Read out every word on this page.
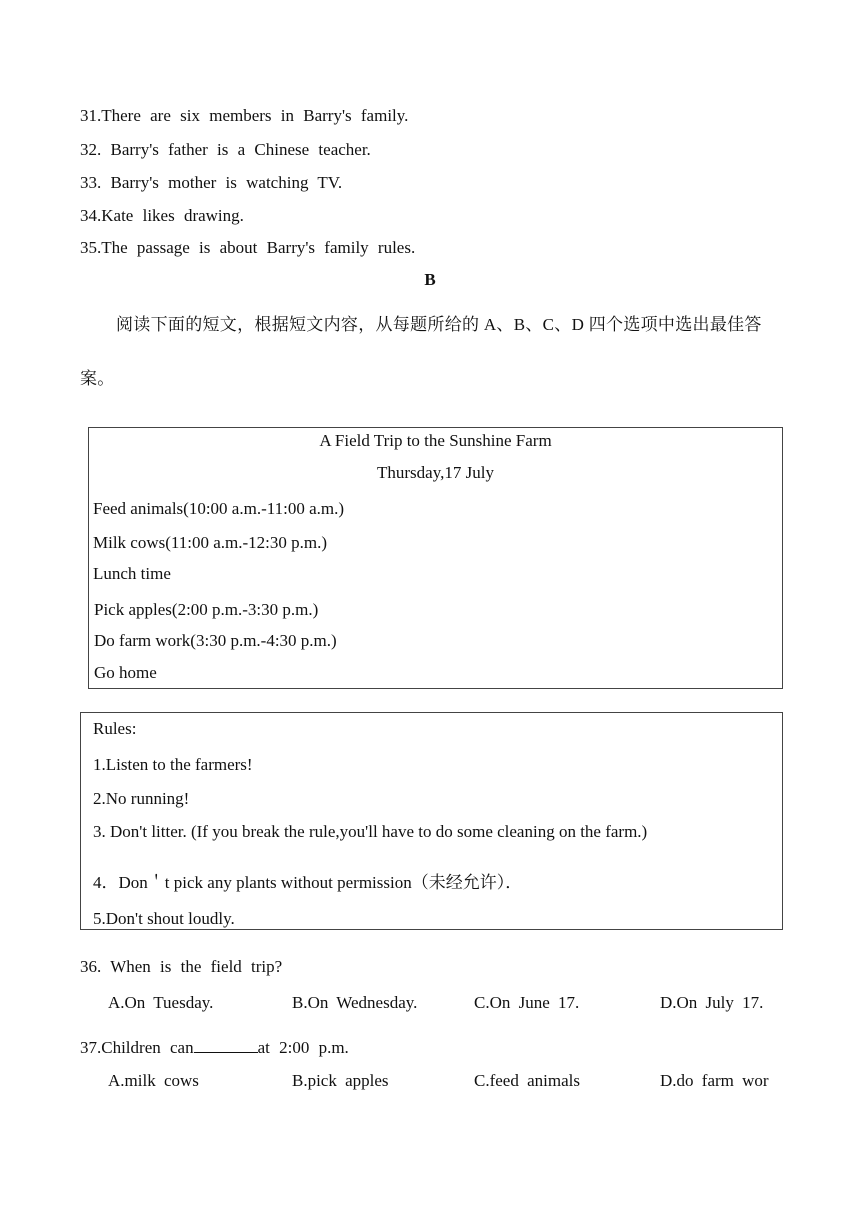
31.There are six members in Barry's family.
32. Barry's father is a Chinese teacher.
33. Barry's mother is watching TV.
34.Kate likes drawing.
35.The passage is about Barry's family rules.
B
阅读下面的短文，根据短文内容，从每题所给的 A、B、C、D 四个选项中选出最佳答案。
A Field Trip to the Sunshine Farm
Thursday,17 July
Feed animals(10:00 a.m.-11:00 a.m.)
Milk cows(11:00 a.m.-12:30 p.m.)
Lunch time
Pick apples(2:00 p.m.-3:30 p.m.)
Do farm work(3:30 p.m.-4:30 p.m.)
Go home
Rules:
1.Listen to the farmers!
2.No running!
3. Don't litter. (If you break the rule,you'll have to do some cleaning on the farm.)
4．Don＇t pick any plants without permission（未经允许）．
5.Don't shout loudly.
36. When is the field trip?
A.On Tuesday.	B.On Wednesday.	C.On June 17.	D.On July 17.
37.Children can	at 2:00 p.m.
A.milk cows	B.pick apples	C.feed animals	D.do farm wor
